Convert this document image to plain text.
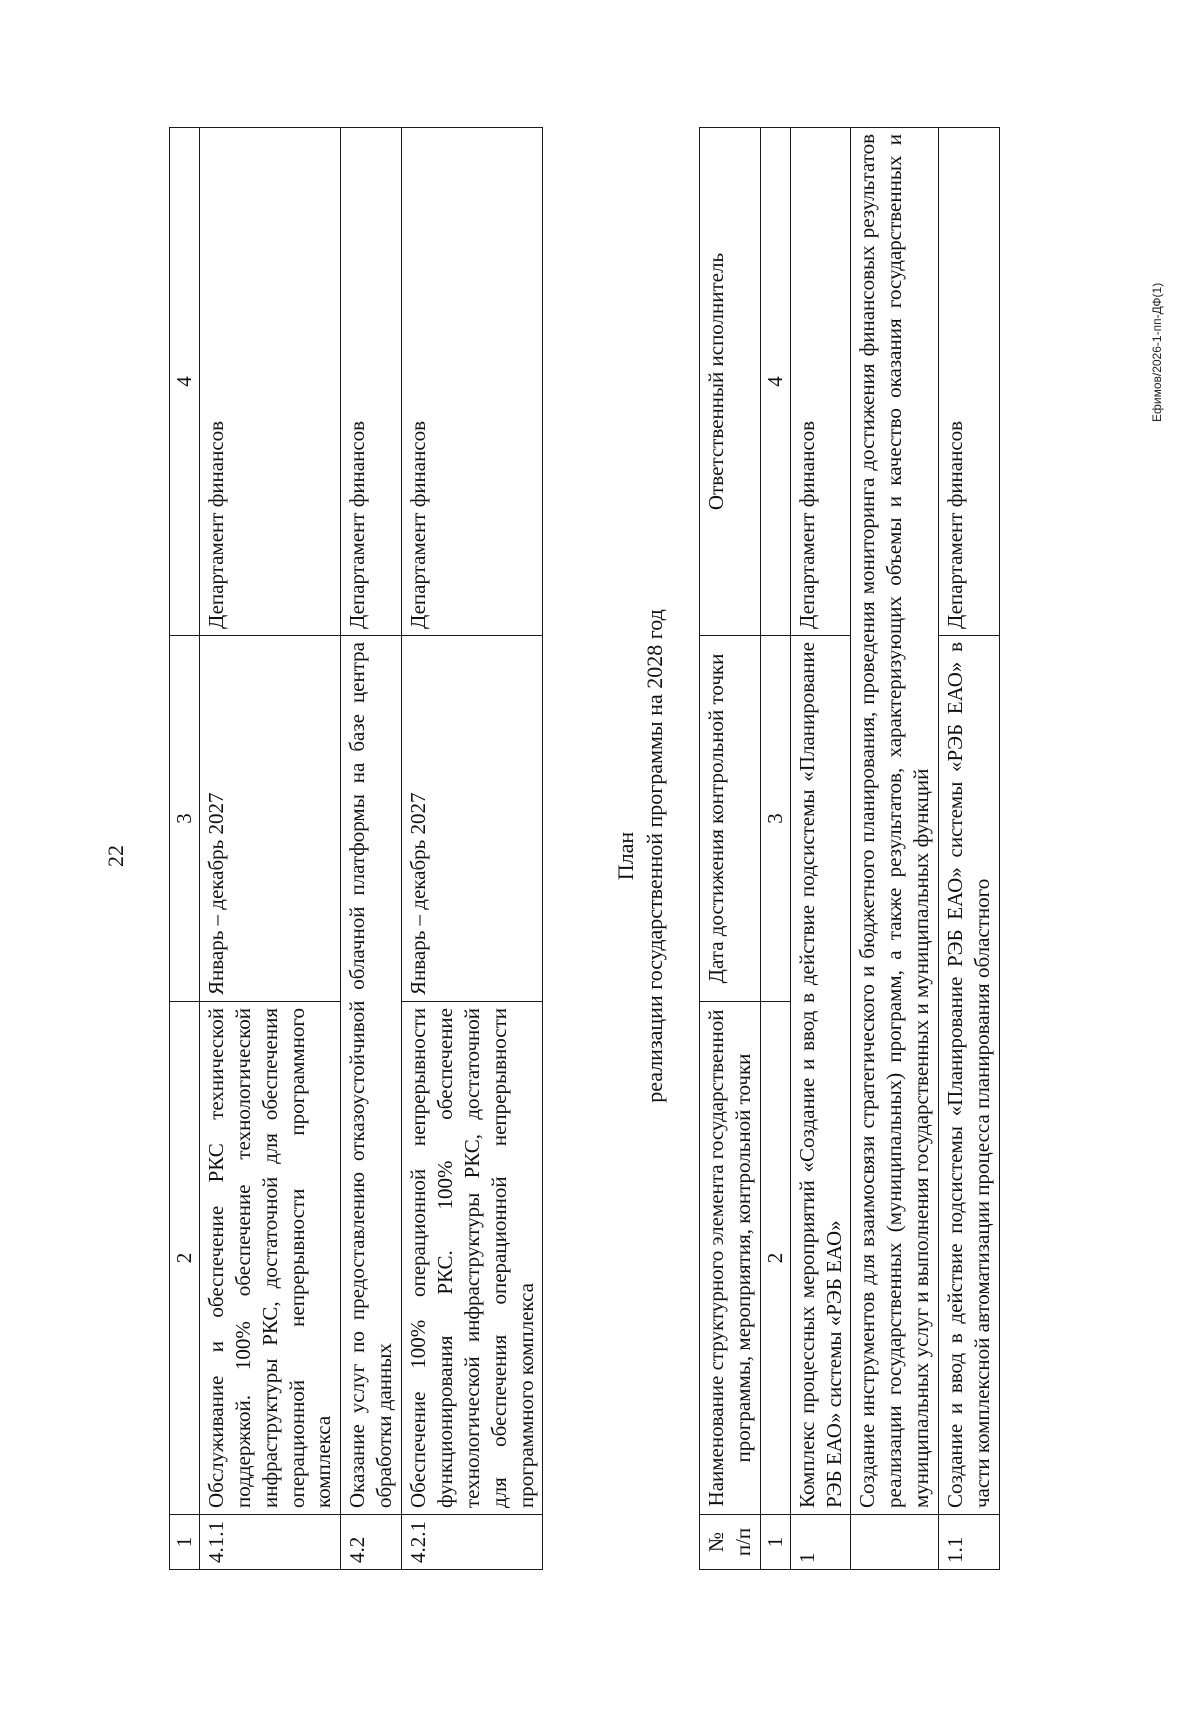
22
1	2	3	4
4.1.1	Обслуживание и обеспечение РКС технической поддержкой. 100% обеспечение технологической инфраструктуры РКС, достаточной для обеспечения операционной непрерывности программного комплекса	Январь – декабрь 2027	Департамент финансов
4.2	Оказание услуг по предоставлению отказоустойчивой облачной платформы на базе центра обработки данных		Департамент финансов
4.2.1	Обеспечение 100% операционной непрерывности функционирования РКС. 100% обеспечение технологической инфраструктуры РКС, достаточной для обеспечения операционной непрерывности программного комплекса	Январь – декабрь 2027	Департамент финансов
План реализации государственной программы на 2028 год
№ п/п	Наименование структурного элемента государственной программы, мероприятия, контрольной точки	Дата достижения контрольной точки	Ответственный исполнитель
1	2	3	4
1	Комплекс процессных мероприятий «Создание и ввод в действие подсистемы «Планирование РЭБ ЕАО» системы «РЭБ ЕАО»		Департамент финансов
	Создание инструментов для взаимосвязи стратегического и бюджетного планирования, проведения мониторинга достижения финансовых результатов реализации государственных (муниципальных) программ, а также результатов, характеризующих объемы и качество оказания государственных и муниципальных услуг и выполнения государственных и муниципальных функций		
1.1	Создание и ввод в действие подсистемы «Планирование РЭБ ЕАО» системы «РЭБ ЕАО» в части комплексной автоматизации процесса планирования областного		Департамент финансов
Ефимов/2026-1-пп-ДФ(1)
